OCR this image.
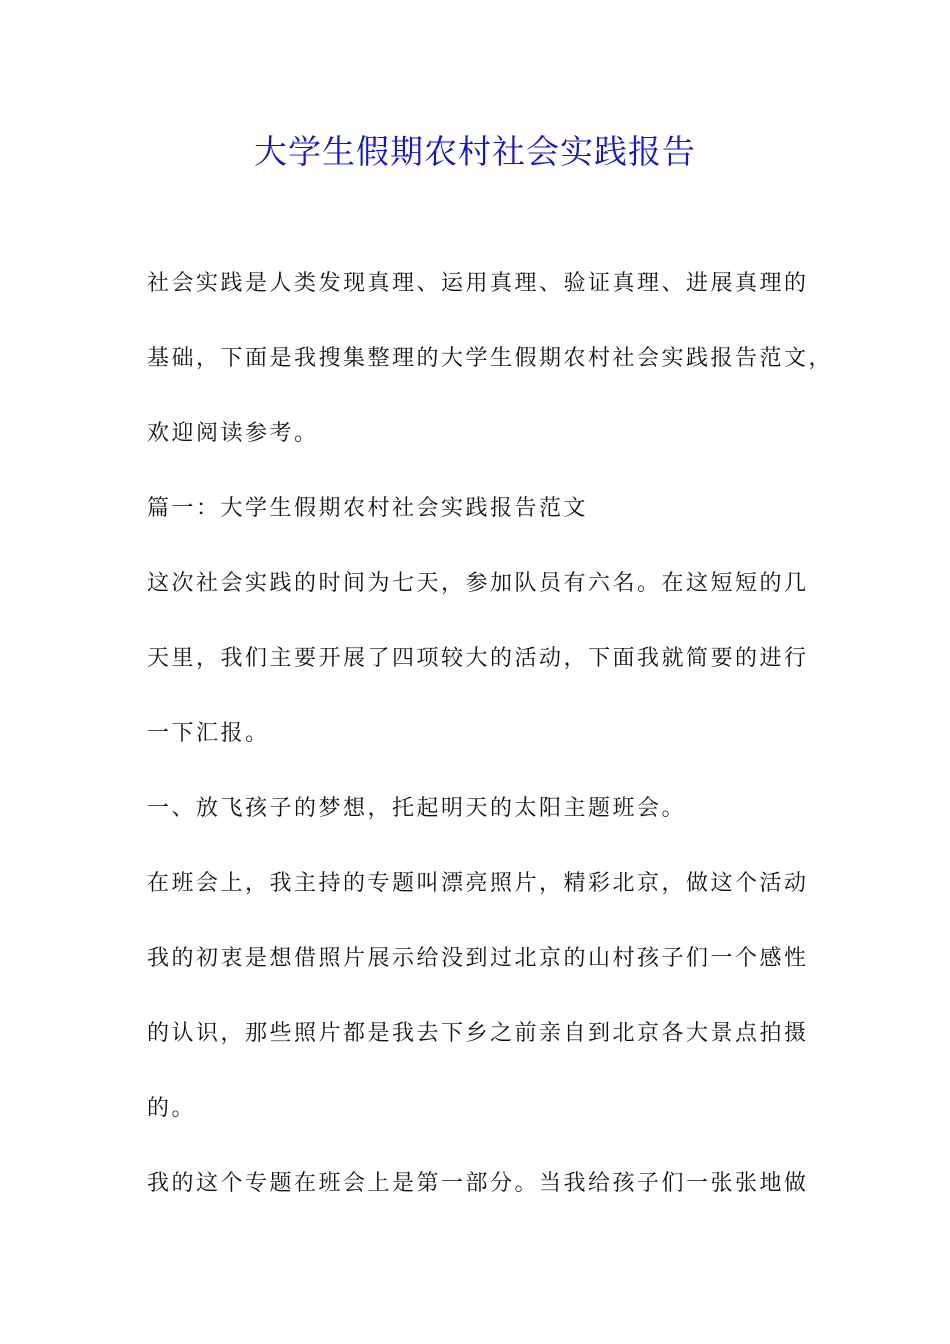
大学生假期农村社会实践报告
社会实践是人类发现真理、运用真理、验证真理、进展真理的
基础，下面是我搜集整理的大学生假期农村社会实践报告范文，
欢迎阅读参考。
篇一：大学生假期农村社会实践报告范文
这次社会实践的时间为七天，参加队员有六名。在这短短的几
天里，我们主要开展了四项较大的活动，下面我就简要的进行
一下汇报。
一、放飞孩子的梦想，托起明天的太阳主题班会。
在班会上，我主持的专题叫漂亮照片，精彩北京，做这个活动
我的初衷是想借照片展示给没到过北京的山村孩子们一个感性
的认识，那些照片都是我去下乡之前亲自到北京各大景点拍摄
的。
我的这个专题在班会上是第一部分。当我给孩子们一张张地做
